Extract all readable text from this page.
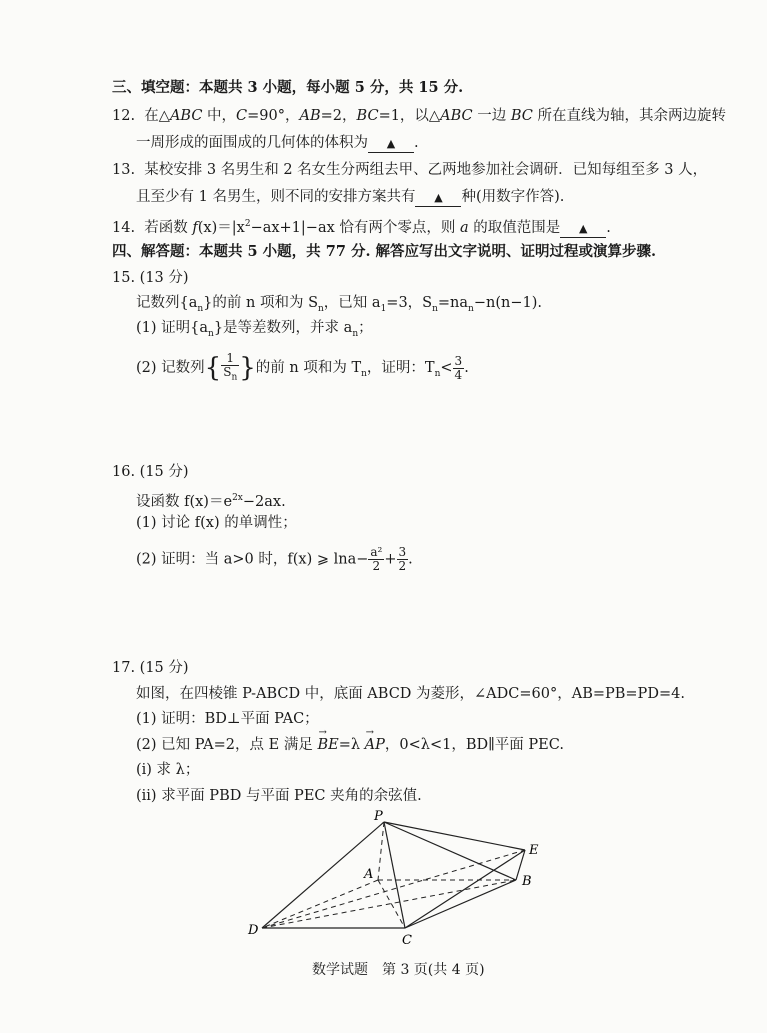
三、填空题：本题共 3 小题，每小题 5 分，共 15 分.
12. 在△ABC 中，C=90°，AB=2，BC=1，以△ABC 一边 BC 所在直线为轴，其余两边旋转
一周形成的面围成的几何体的体积为 ▲ .
13. 某校安排 3 名男生和 2 名女生分两组去甲、乙两地参加社会调研．已知每组至多 3 人，
且至少有 1 名男生，则不同的安排方案共有 ▲ 种(用数字作答).
14. 若函数 $f(x)=|x^2-ax+1|-ax$ 恰有两个零点，则 a 的取值范围是 ▲ .
四、解答题：本题共 5 小题，共 77 分. 解答应写出文字说明、证明过程或演算步骤.
15. (13 分)
记数列$\{a_n\}$的前 n 项和为 $S_n$，已知 $a_1=3$，$S_n=na_n-n(n-1)$.
(1) 证明$\{a_n\}$是等差数列，并求 $a_n$；
(2) 记数列{ $\frac{1}{S_n}$ }的前 n 项和为 $T_n$，证明：$T_n< \frac{3}{4}$ .
16. (15 分)
设函数 $f(x)=e^{2x}-2ax$.
(1) 讨论 f(x) 的单调性；
(2) 证明：当 a>0 时，f(x) ⩾ $\ln a- \frac{\text{a²}}{2} + \frac{3}{2}$ .
17. (15 分)
如图，在四棱锥 P-ABCD 中，底面 ABCD 为菱形，∠ADC=60°，AB=PB=PD=4.
(1) 证明：BD⊥平面 PAC；
(2) 已知 PA=2，点 E 满足 → BE=λ → AP，0<λ<1，BD∥平面 PEC.
(i) 求 λ；
(ii) 求平面 PBD 与平面 PEC 夹角的余弦值.
P
A	B
C
D
E
数学试题　第 3 页(共 4 页)
